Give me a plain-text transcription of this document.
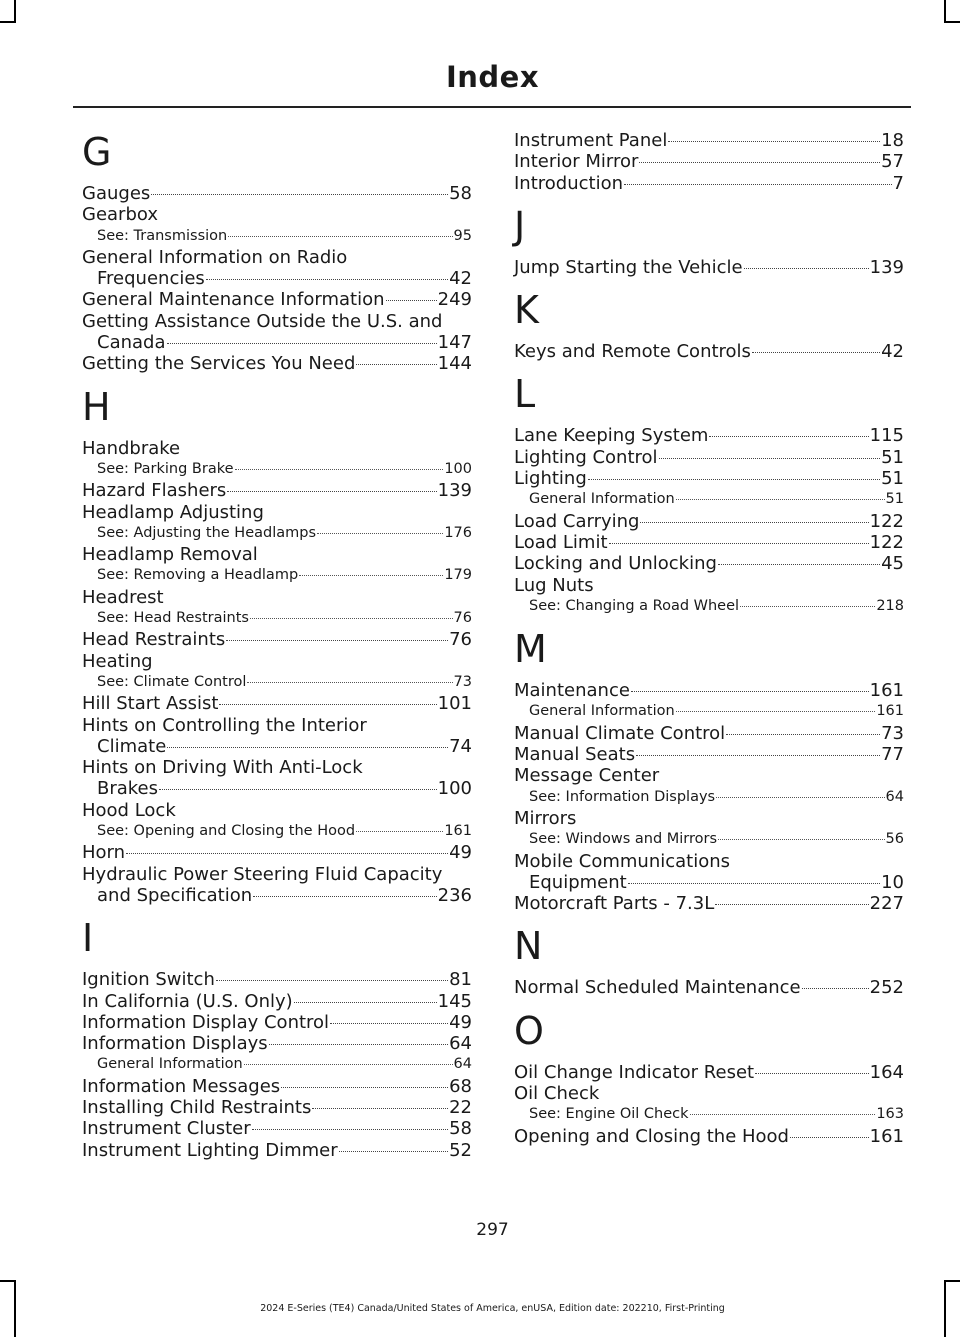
Index
G
Gauges	58
Gearbox
See: Transmission	95
General Information on Radio
Frequencies	42
General Maintenance Information	249
Getting Assistance Outside the U.S. and
Canada	147
Getting the Services You Need	144
H
Handbrake
See: Parking Brake	100
Hazard Flashers	139
Headlamp Adjusting
See: Adjusting the Headlamps	176
Headlamp Removal
See: Removing a Headlamp	179
Headrest
See: Head Restraints	76
Head Restraints	76
Heating
See: Climate Control	73
Hill Start Assist	101
Hints on Controlling the Interior
Climate	74
Hints on Driving With Anti-Lock
Brakes	100
Hood Lock
See: Opening and Closing the Hood	161
Horn	49
Hydraulic Power Steering Fluid Capacity
and Specification	236
I
Ignition Switch	81
In California (U.S. Only)	145
Information Display Control	49
Information Displays	64
General Information	64
Information Messages	68
Installing Child Restraints	22
Instrument Cluster	58
Instrument Lighting Dimmer	52
Instrument Panel	18
Interior Mirror	57
Introduction	7
J
Jump Starting the Vehicle	139
K
Keys and Remote Controls	42
L
Lane Keeping System	115
Lighting Control	51
Lighting	51
General Information	51
Load Carrying	122
Load Limit	122
Locking and Unlocking	45
Lug Nuts
See: Changing a Road Wheel	218
M
Maintenance	161
General Information	161
Manual Climate Control	73
Manual Seats	77
Message Center
See: Information Displays	64
Mirrors
See: Windows and Mirrors	56
Mobile Communications
Equipment	10
Motorcraft Parts - 7.3L	227
N
Normal Scheduled Maintenance	252
O
Oil Change Indicator Reset	164
Oil Check
See: Engine Oil Check	163
Opening and Closing the Hood	161
297
2024 E-Series (TE4) Canada/United States of America, enUSA, Edition date: 202210, First-Printing
